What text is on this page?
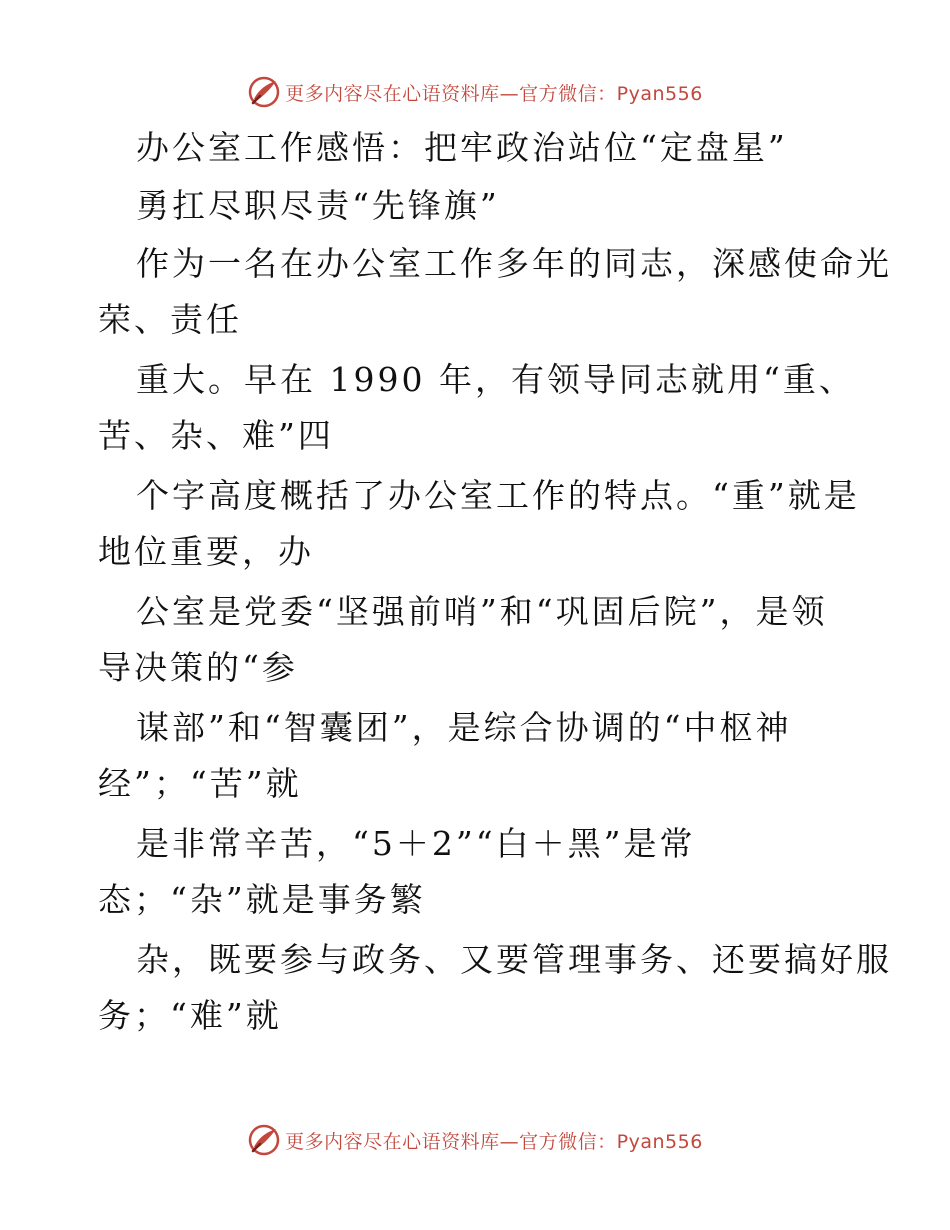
更多内容尽在心语资料库—官方微信：Pyan556
办公室工作感悟：把牢政治站位“定盘星”
勇扛尽职尽责“先锋旗”
作为一名在办公室工作多年的同志，深感使命光
荣、责任
重大。早在 1990 年，有领导同志就用“重、
苦、杂、难”四
个字高度概括了办公室工作的特点。“重”就是
地位重要，办
公室是党委“坚强前哨”和“巩固后院”，是领
导决策的“参
谋部”和“智囊团”，是综合协调的“中枢神
经”；“苦”就
是非常辛苦，“5＋2”“白＋黑”是常
态；“杂”就是事务繁
杂，既要参与政务、又要管理事务、还要搞好服
务；“难”就
更多内容尽在心语资料库—官方微信：Pyan556
